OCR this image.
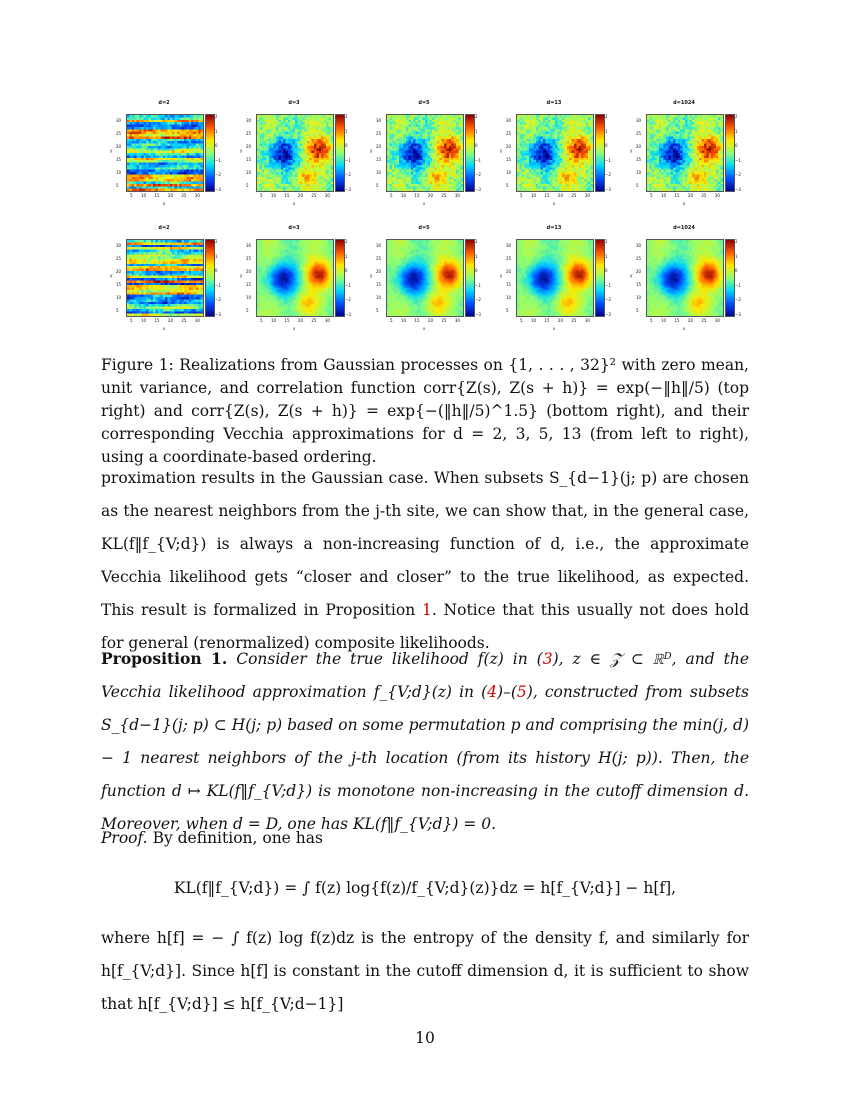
d=2
2
1
0
−1
−2
−3
5 10 15 20 25 30
5
10
15
20
25
30
x
y
d=3
2
1
0
−1
−2
−3
5 10 15 20 25 30
5
10
15
20
25
30
x
y
d=5
2
1
0
−1
−2
−3
5 10 15 20 25 30
5
10
15
20
25
30
x
y
d=13
2
1
0
−1
−2
−3
5 10 15 20 25 30
5
10
15
20
25
30
x
y
d=1024
2
1
0
−1
−2
−3
5 10 15 20 25 30
5
10
15
20
25
30
x
y
d=2
2
1
0
−1
−2
−3
5 10 15 20 25 30
5
10
15
20
25
30
x
y
d=3
2
1
0
−1
−2
−3
5 10 15 20 25 30
5
10
15
20
25
30
x
y
d=5
2
1
0
−1
−2
−3
5 10 15 20 25 30
5
10
15
20
25
30
x
y
d=13
2
1
0
−1
−2
−3
5 10 15 20 25 30
5
10
15
20
25
30
x
y
d=1024
2
1
0
−1
−2
−3
5 10 15 20 25 30
5
10
15
20
25
30
x
y
Figure 1: Realizations from Gaussian processes on {1, . . . , 32}² with zero mean, unit variance, and correlation function corr{Z(s), Z(s + h)} = exp(−‖h‖/5) (top right) and corr{Z(s), Z(s + h)} = exp{−(‖h‖/5)^1.5} (bottom right), and their corresponding Vecchia approximations for d = 2, 3, 5, 13 (from left to right), using a coordinate-based ordering.
proximation results in the Gaussian case. When subsets S_{d−1}(j; p) are chosen as the nearest neighbors from the j-th site, we can show that, in the general case, KL(f‖f_{V;d}) is always a non-increasing function of d, i.e., the approximate Vecchia likelihood gets “closer and closer” to the true likelihood, as expected. This result is formalized in Proposition 1. Notice that this usually not does hold for general (renormalized) composite likelihoods.
Proposition 1. Consider the true likelihood f(z) in (3), z ∈ 𝒵 ⊂ ℝᴰ, and the Vecchia likelihood approximation f_{V;d}(z) in (4)–(5), constructed from subsets S_{d−1}(j; p) ⊂ H(j; p) based on some permutation p and comprising the min(j, d) − 1 nearest neighbors of the j-th location (from its history H(j; p)). Then, the function d ↦ KL(f‖f_{V;d}) is monotone non-increasing in the cutoff dimension d. Moreover, when d = D, one has KL(f‖f_{V;d}) = 0.
Proof. By definition, one has
KL(f‖f_{V;d}) = ∫ f(z) log{f(z)/f_{V;d}(z)}dz = h[f_{V;d}] − h[f],
where h[f] = − ∫ f(z) log f(z)dz is the entropy of the density f, and similarly for h[f_{V;d}]. Since h[f] is constant in the cutoff dimension d, it is sufficient to show that h[f_{V;d}] ≤ h[f_{V;d−1}]
10
